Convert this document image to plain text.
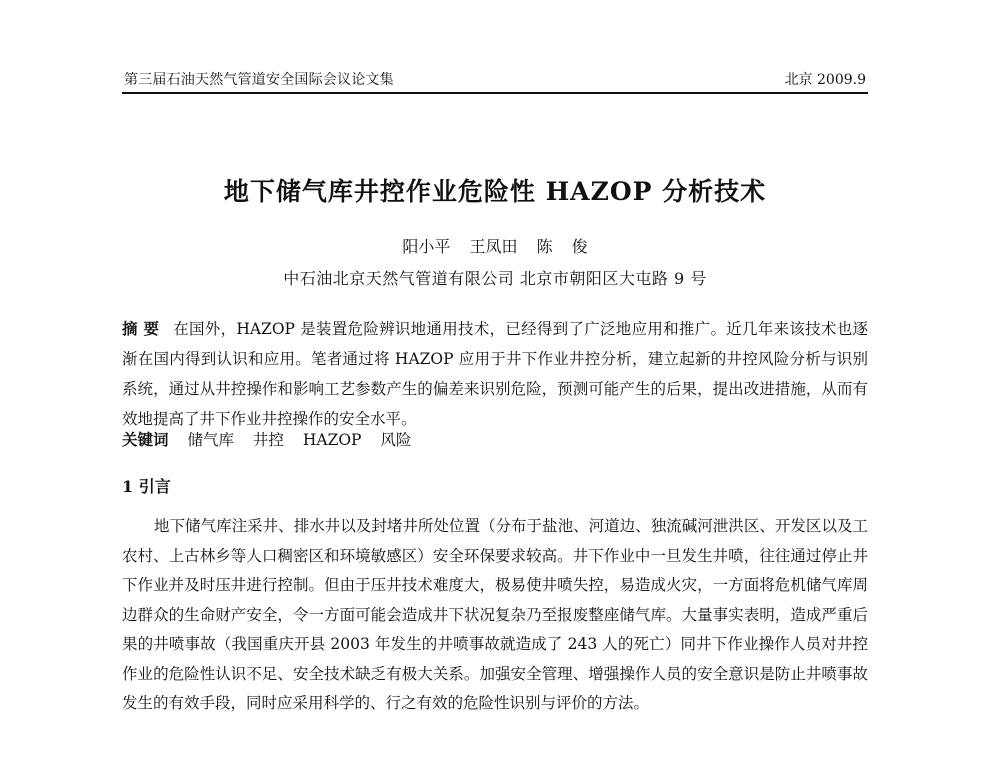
第三届石油天然气管道安全国际会议论文集	北京 2009.9
地下储气库井控作业危险性 HAZOP 分析技术
阳小平 王凤田 陈 俊
中石油北京天然气管道有限公司 北京市朝阳区大屯路 9 号
摘 要 在国外，HAZOP 是装置危险辨识地通用技术，已经得到了广泛地应用和推广。近几年来该技术也逐渐在国内得到认识和应用。笔者通过将 HAZOP 应用于井下作业井控分析，建立起新的井控风险分析与识别系统，通过从井控操作和影响工艺参数产生的偏差来识别危险，预测可能产生的后果，提出改进措施，从而有效地提高了井下作业井控操作的安全水平。
关键词 储气库 井控 HAZOP 风险
1 引言
地下储气库注采井、排水井以及封堵井所处位置（分布于盐池、河道边、独流碱河泄洪区、开发区以及工农村、上古林乡等人口稠密区和环境敏感区）安全环保要求较高。井下作业中一旦发生井喷，往往通过停止井下作业并及时压井进行控制。但由于压井技术难度大，极易使井喷失控，易造成火灾，一方面将危机储气库周边群众的生命财产安全，令一方面可能会造成井下状况复杂乃至报废整座储气库。大量事实表明，造成严重后果的井喷事故（我国重庆开县 2003 年发生的井喷事故就造成了 243 人的死亡）同井下作业操作人员对井控作业的危险性认识不足、安全技术缺乏有极大关系。加强安全管理、增强操作人员的安全意识是防止井喷事故发生的有效手段，同时应采用科学的、行之有效的危险性识别与评价的方法。
